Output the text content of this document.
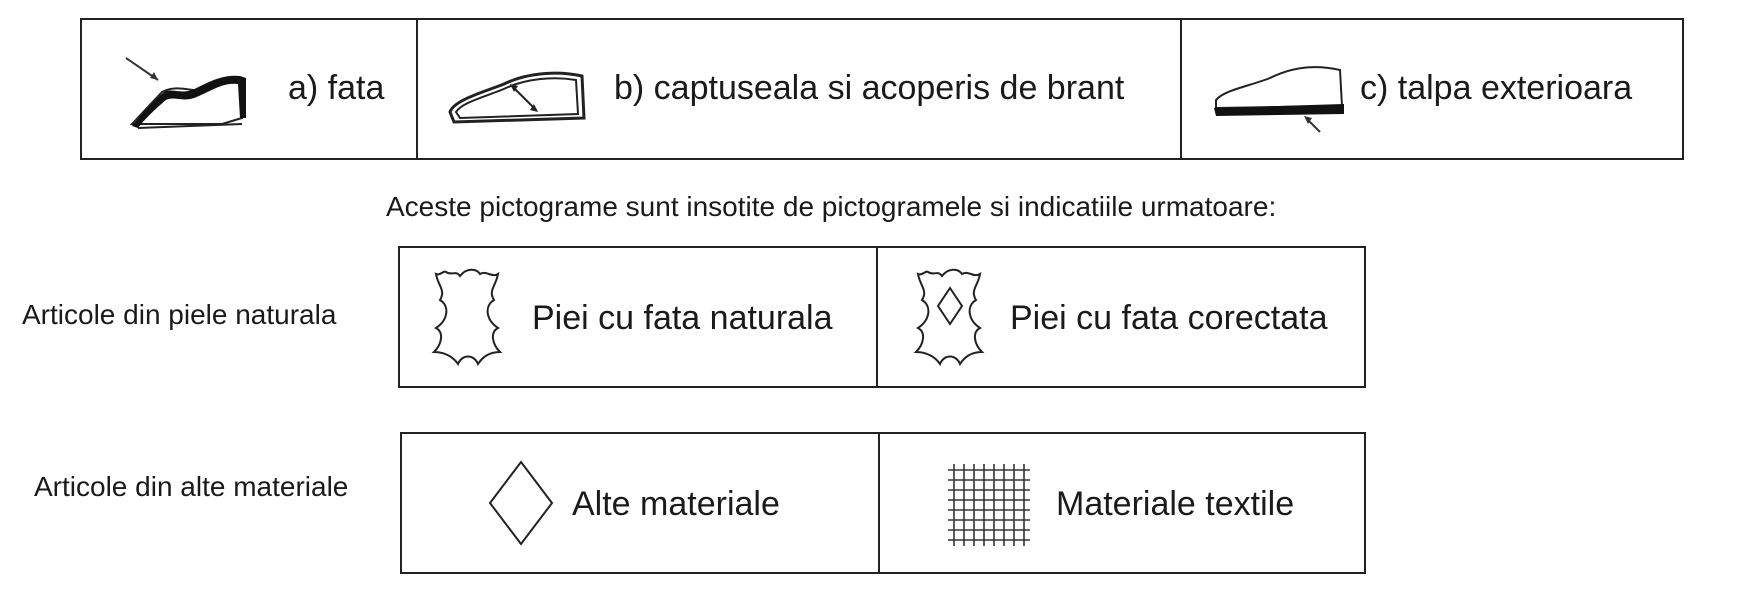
a) fata	b) captuseala si acoperis de brant	c) talpa exterioara
Aceste pictograme sunt insotite de pictogramele si indicatiile urmatoare:
Articole din piele naturala	Piei cu fata naturala	Piei cu fata corectata
Articole din alte materiale	Alte materiale	Materiale textile
